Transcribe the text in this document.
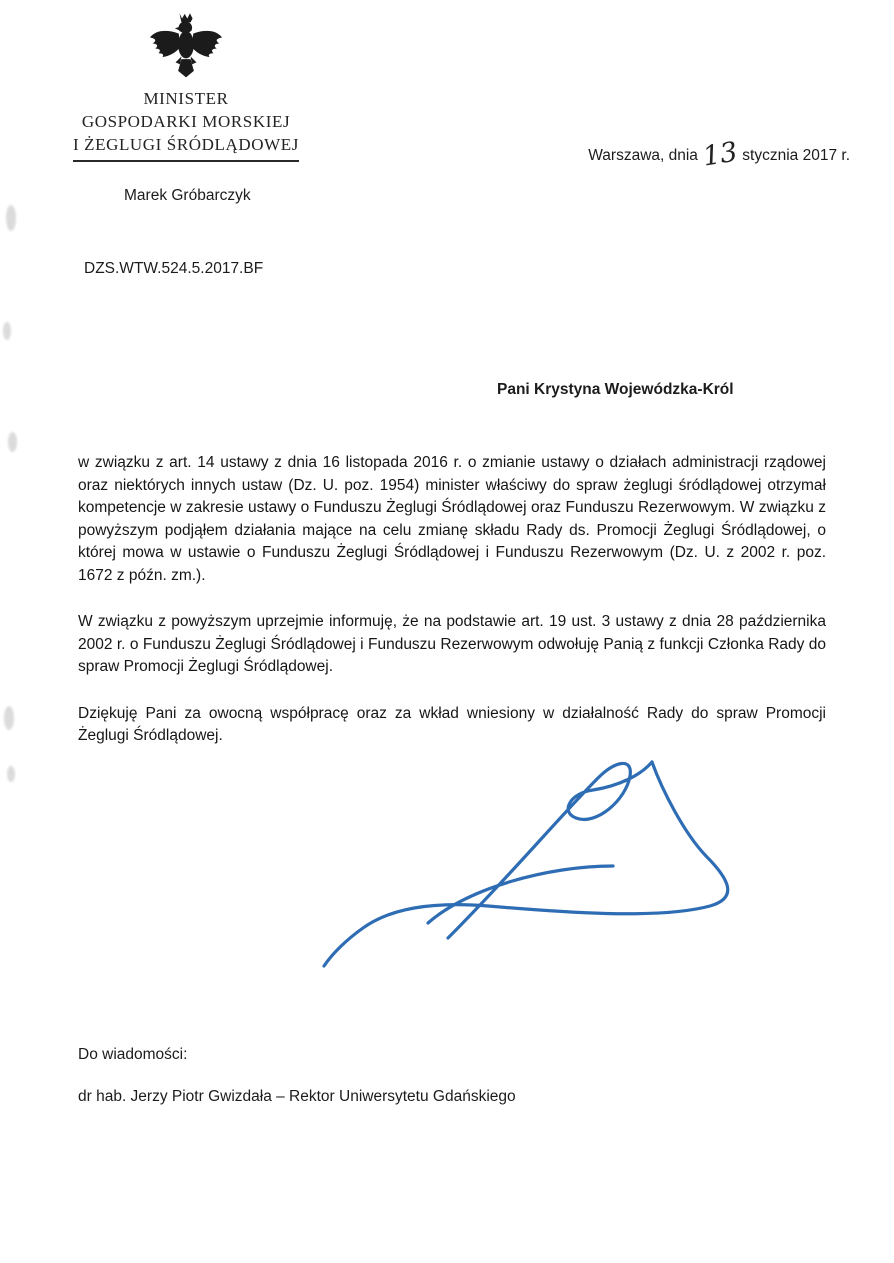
MINISTER
GOSPODARKI MORSKIEJ
I ŻEGLUGI ŚRÓDLĄDOWEJ
Warszawa, dnia 13 stycznia 2017 r.
Marek Gróbarczyk
DZS.WTW.524.5.2017.BF
Pani Krystyna Wojewódzka-Król

w związku z art. 14 ustawy z dnia 16 listopada 2016 r. o zmianie ustawy o działach administracji rządowej oraz niektórych innych ustaw (Dz. U. poz. 1954) minister właściwy do spraw żeglugi śródlądowej otrzymał kompetencje w zakresie ustawy o Funduszu Żeglugi Śródlądowej oraz Funduszu Rezerwowym. W związku z powyższym podjąłem działania mające na celu zmianę składu Rady ds. Promocji Żeglugi Śródlądowej, o której mowa w ustawie o Funduszu Żeglugi Śródlądowej i Funduszu Rezerwowym (Dz. U. z 2002 r. poz. 1672 z późn. zm.).

W związku z powyższym uprzejmie informuję, że na podstawie art. 19 ust. 3 ustawy z dnia 28 października 2002 r. o Funduszu Żeglugi Śródlądowej i Funduszu Rezerwowym odwołuję Panią z funkcji Członka Rady do spraw Promocji Żeglugi Śródlądowej.

Dziękuję Pani za owocną współpracę oraz za wkład wniesiony w działalność Rady do spraw Promocji Żeglugi Śródlądowej.

Do wiadomości:
dr hab. Jerzy Piotr Gwizdała – Rektor Uniwersytetu Gdańskiego
